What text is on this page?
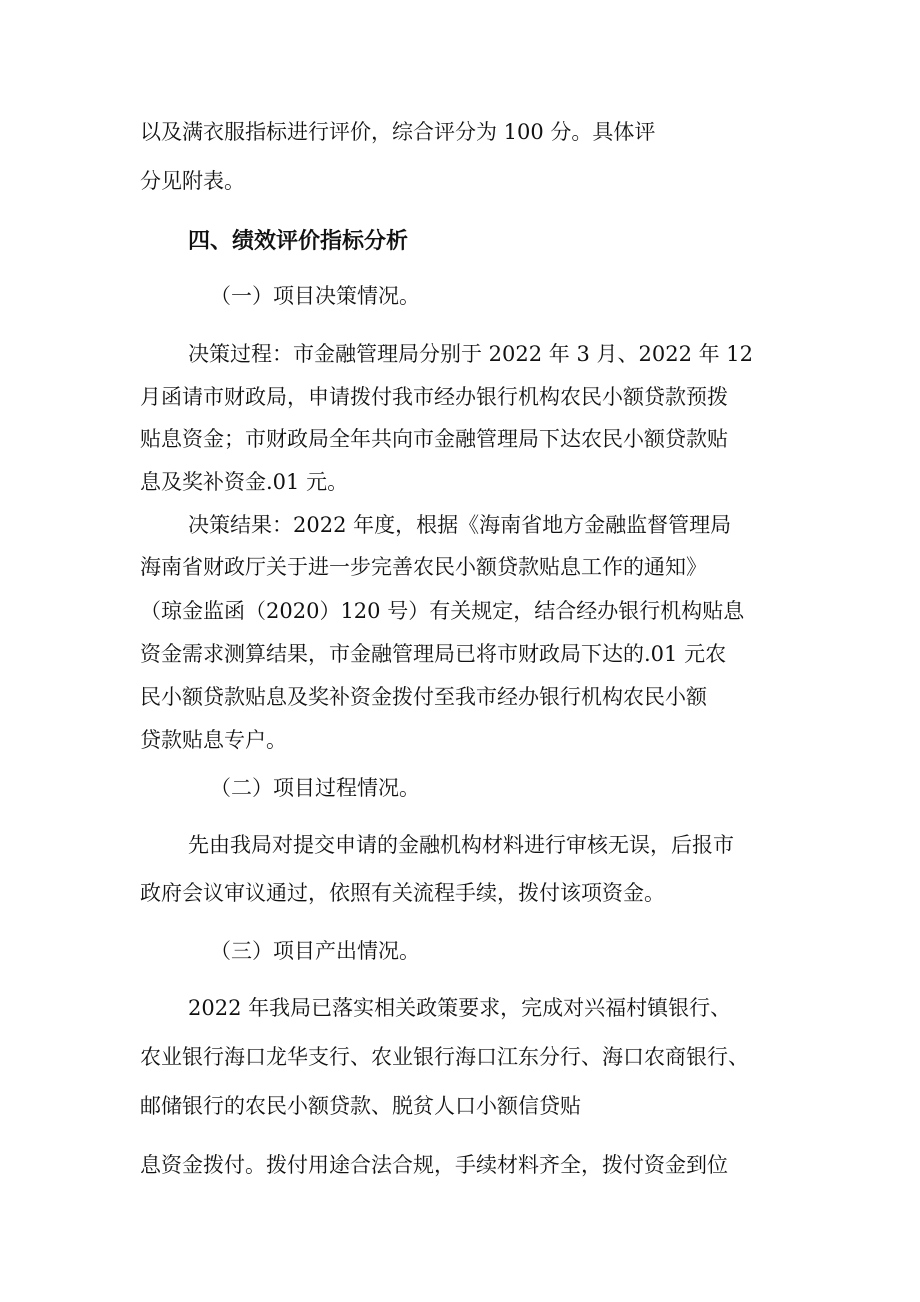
以及满衣服指标进行评价，综合评分为 100 分。具体评
分见附表。
四、绩效评价指标分析
（一）项目决策情况。
决策过程：市金融管理局分别于 2022 年 3 月、2022 年 12
月函请市财政局，申请拨付我市经办银行机构农民小额贷款预拨
贴息资金；市财政局全年共向市金融管理局下达农民小额贷款贴
息及奖补资金.01 元。
决策结果：2022 年度，根据《海南省地方金融监督管理局
海南省财政厅关于进一步完善农民小额贷款贴息工作的通知》
（琼金监函（2020）120 号）有关规定，结合经办银行机构贴息
资金需求测算结果，市金融管理局已将市财政局下达的.01 元农
民小额贷款贴息及奖补资金拨付至我市经办银行机构农民小额
贷款贴息专户。
（二）项目过程情况。
先由我局对提交申请的金融机构材料进行审核无误，后报市
政府会议审议通过，依照有关流程手续，拨付该项资金。
（三）项目产出情况。
2022 年我局已落实相关政策要求，完成对兴福村镇银行、
农业银行海口龙华支行、农业银行海口江东分行、海口农商银行、
邮储银行的农民小额贷款、脱贫人口小额信贷贴
息资金拨付。拨付用途合法合规，手续材料齐全，拨付资金到位
